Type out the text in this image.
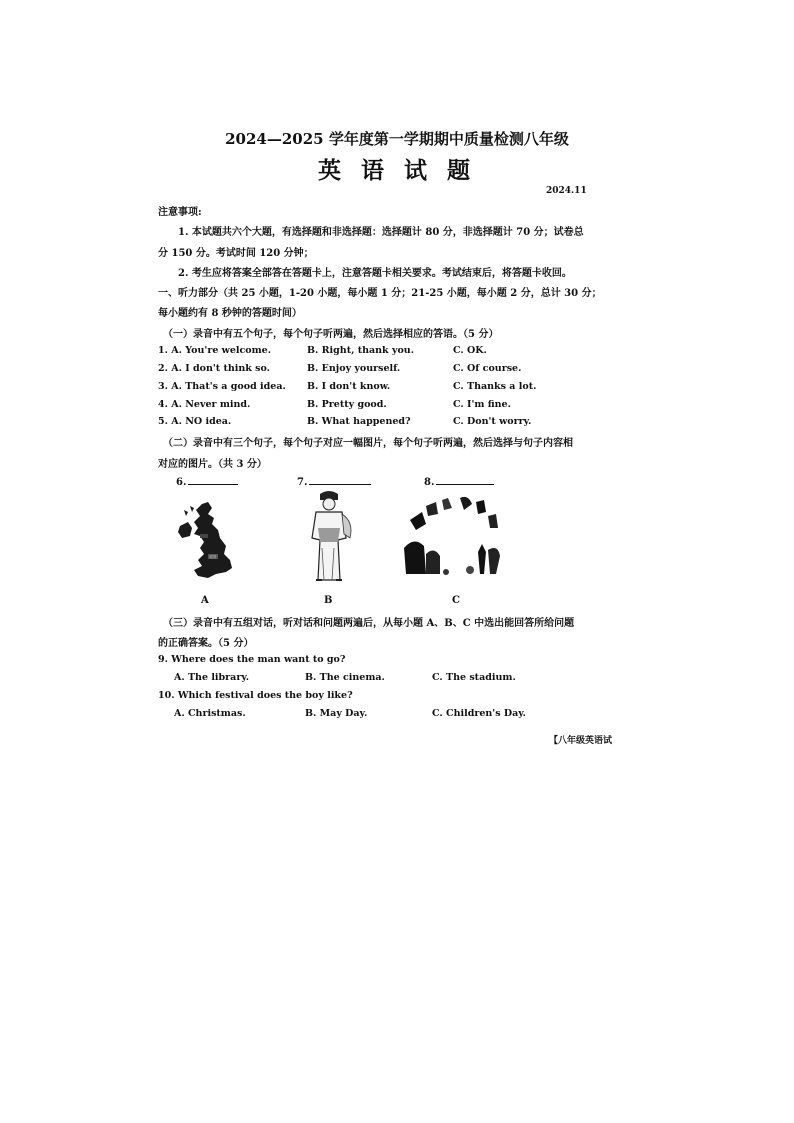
2024—2025 学年度第一学期期中质量检测八年级
英 语 试 题
2024.11
注意事项:
1. 本试题共六个大题，有选择题和非选择题：选择题计 80 分，非选择题计 70 分；试卷总
分 150 分。考试时间 120 分钟；
2. 考生应将答案全部答在答题卡上，注意答题卡相关要求。考试结束后，将答题卡收回。
一、听力部分（共 25 小题，1-20 小题，每小题 1 分；21-25 小题，每小题 2 分，总计 30 分；
每小题约有 8 秒钟的答题时间）
（一）录音中有五个句子，每个句子听两遍，然后选择相应的答语。（5 分）
1. A. You're welcome.	B. Right, thank you.	C. OK.
2. A. I don't think so.	B. Enjoy yourself.	C. Of course.
3. A. That's a good idea. B. I don't know.	C. Thanks a lot.
4. A. Never mind.	B. Pretty good.	C. I'm fine.
5. A. NO idea.	B. What happened?	C. Don't worry.
（二）录音中有三个句子，每个句子对应一幅图片，每个句子听两遍，然后选择与句子内容相
对应的图片。（共 3 分）
6.	7.	8.
英国
A	B	C
（三）录音中有五组对话，听对话和问题两遍后，从每小题 A、B、C 中选出能回答所给问题
的正确答案。（5 分）
9. Where does the man want to go?
A. The library.	B. The cinema.	C. The stadium.
10. Which festival does the boy like?
A. Christmas.	B. May Day.	C. Children's Day.
【八年级英语试
